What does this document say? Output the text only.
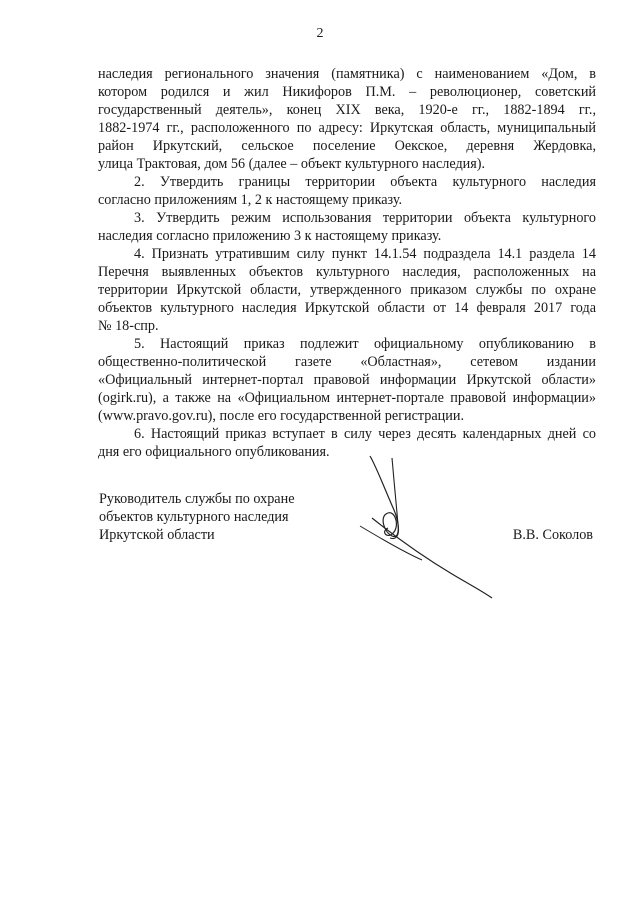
2
наследия регионального значения (памятника) с наименованием «Дом, в
котором родился и жил Никифоров П.М. – революционер, советский
государственный деятель», конец XIX века, 1920-е гг., 1882-1894 гг.,
1882-1974 гг., расположенного по адресу: Иркутская область, муниципальный
район Иркутский, сельское поселение Оекское, деревня Жердовка,
улица Трактовая, дом 56 (далее – объект культурного наследия).
2. Утвердить границы территории объекта культурного наследия
согласно приложениям 1, 2 к настоящему приказу.
3. Утвердить режим использования территории объекта культурного
наследия согласно приложению 3 к настоящему приказу.
4. Признать утратившим силу пункт 14.1.54 подраздела 14.1 раздела 14
Перечня выявленных объектов культурного наследия, расположенных на
территории Иркутской области, утвержденного приказом службы по охране
объектов культурного наследия Иркутской области от 14 февраля 2017 года
№ 18-спр.
5. Настоящий приказ подлежит официальному опубликованию в
общественно-политической газете «Областная», сетевом издании
«Официальный интернет-портал правовой информации Иркутской области»
(ogirk.ru), а также на «Официальном интернет-портале правовой информации»
(www.pravo.gov.ru), после его государственной регистрации.
6. Настоящий приказ вступает в силу через десять календарных дней со
дня его официального опубликования.
Руководитель службы по охране
объектов культурного наследия
Иркутской области	В.В. Соколов
